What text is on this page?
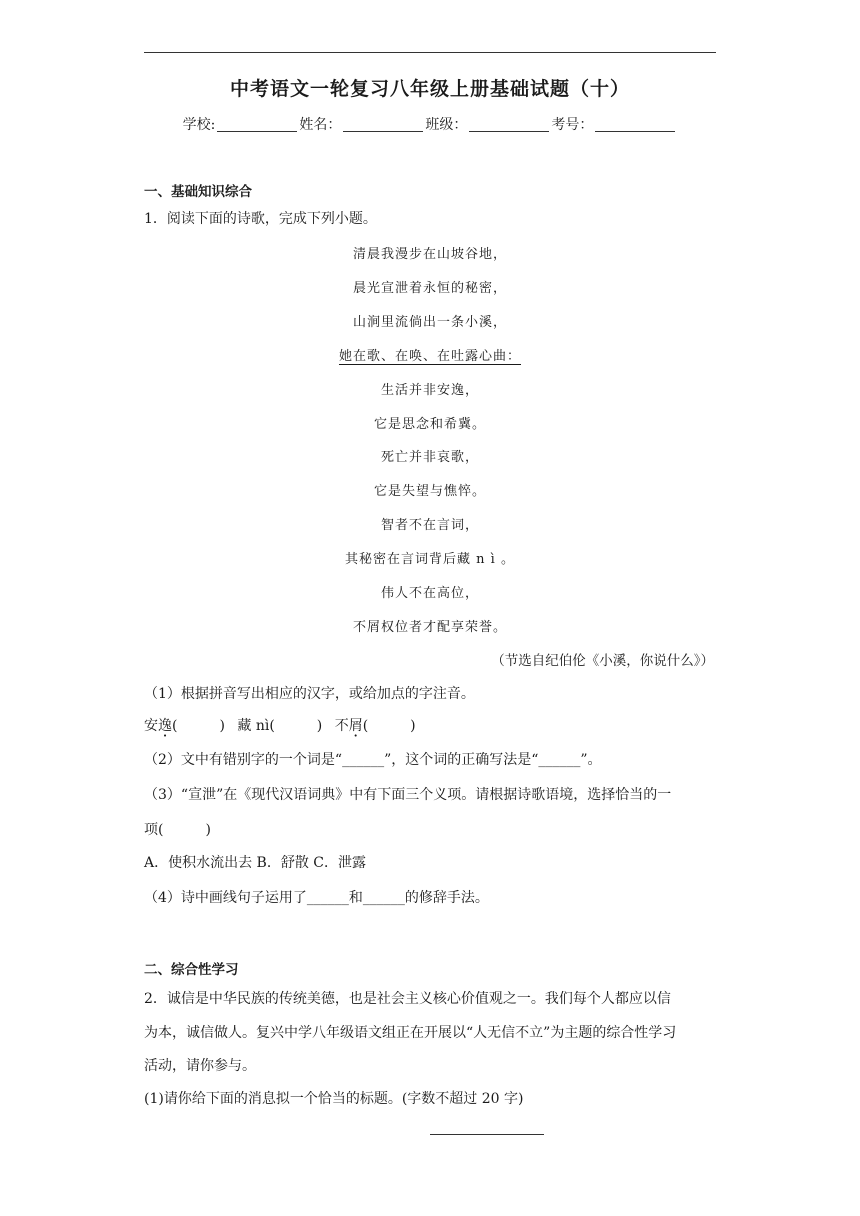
中考语文一轮复习八年级上册基础试题（十）
学校:	姓名：	班级：	考号：
一、基础知识综合
1．阅读下面的诗歌，完成下列小题。
清晨我漫步在山坡谷地，
晨光宣泄着永恒的秘密，
山涧里流倘出一条小溪，
她在歌、在唤、在吐露心曲：
生活并非安逸，
它是思念和希冀。
死亡并非哀歌，
它是失望与憔悴。
智者不在言词，
其秘密在言词背后藏 n ì 。
伟人不在高位，
不屑权位者才配享荣誉。
（节选自纪伯伦《小溪，你说什么》）
（1）根据拼音写出相应的汉字，或给加点的字注音。
安逸(　　　) 藏 nì(　　　) 不屑(　　　)
（2）文中有错别字的一个词是“______”，这个词的正确写法是“______”。
（3）“宣泄”在《现代汉语词典》中有下面三个义项。请根据诗歌语境，选择恰当的一
项(　　　)
A．使积水流出去 B．舒散 C．泄露
（4）诗中画线句子运用了______和______的修辞手法。
二、综合性学习
2．诚信是中华民族的传统美德，也是社会主义核心价值观之一。我们每个人都应以信
为本，诚信做人。复兴中学八年级语文组正在开展以“人无信不立”为主题的综合性学习
活动，请你参与。
(1)请你给下面的消息拟一个恰当的标题。(字数不超过 20 字)
